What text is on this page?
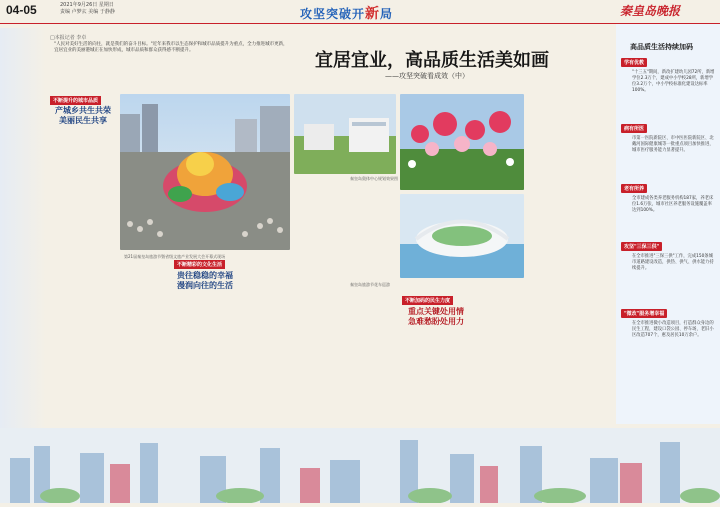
04-05	2021年9月26日 星期日
责编 卢梦玄 美编 于静静	攻坚突破开新局	秦皇岛晚报
□本报记者 李卓
"人民对美好生活的向往，就是我们的奋斗目标。"近年来我市以生态保护和城市品质提升为重点，全力推进城市更新，宜居宜业的美丽港城正在加快形成，城市品质和群众获得感不断提升。	宜居宜业，高品质生活美如画
——攻坚突破看成效（中）
不断提升的城市品质
产城乡共生共荣
美丽民生共享
不断精彩的文化生活
贵往稳稳的幸福
漫润向往的生活
秦皇岛奥体中心规划效果图
秦皇岛旅游节花车巡游
第21届秦皇岛旅游节暨省级文旅产业发展大会开幕式现场
不断加码的民生力度
重点关键处用情
急难愁盼处用力
高品质生活持续加码
学有优教
"十三五"期间，新改扩建幼儿园72所，新增学位2.3万个，建成中小学校28所，新增学位3.2万个，中小学校标准化建设达标率100%。
病有所医
市第一医院新院区、市中医医院新院区、北戴河国际健康城等一批重点项目加快推进，城市医疗服务能力显著提升。
老有所养
全市建成各类养老服务机构187家，养老床位1.6万张，城市社区养老服务设施覆盖率达到100%。
攻坚"三保三供"
在全市推进"三保三供"工作，完成150条城市道路建设改造，供热、供气、供水能力持续提升。
"微改"服务增幸福
在全市推进微小改造项目，打造群众身边的民生工程，建设口袋公园、停车场，老旧小区改造707个，惠及居民10万余户。
